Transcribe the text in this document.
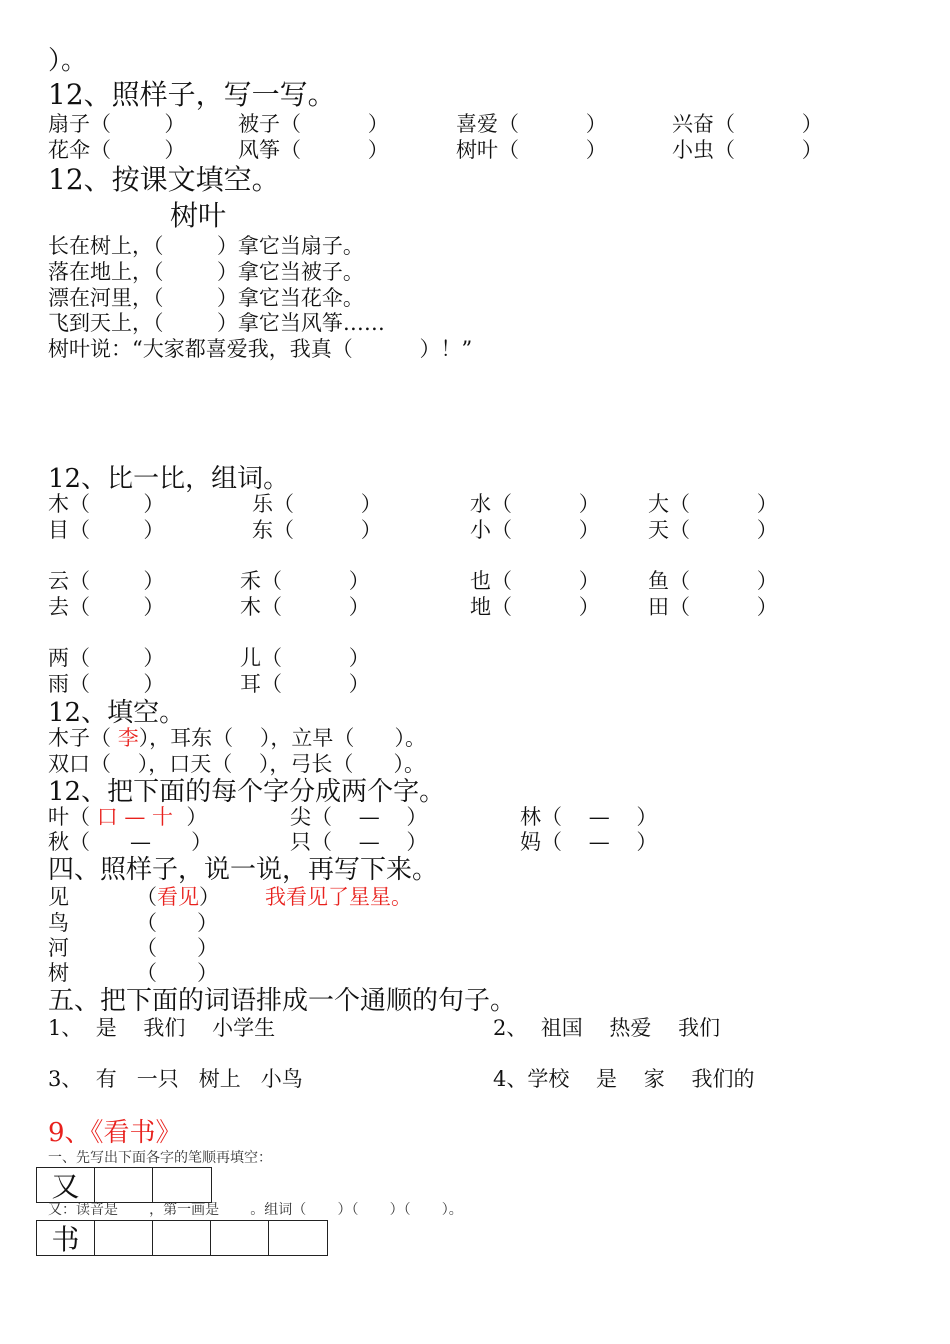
）。
12、照样子，写一写。
扇子（        ）	被子（          ）	喜爱（          ）	兴奋（          ）
花伞（        ）	风筝（          ）	树叶（          ）	小虫（          ）
12、按课文填空。
树叶
长在树上，（        ）拿它当扇子。
落在地上，（        ）拿它当被子。
漂在河里，（        ）拿它当花伞。
飞到天上，（        ）拿它当风筝……
树叶说：“大家都喜爱我，我真（          ）！”
12、比一比，组词。
木（        ）	乐（          ）	水（          ） 大（          ）
目（        ）	东（          ）	小（          ） 天（          ）
云（        ）	禾（          ）	也（          ） 鱼（          ）
去（        ）	木（          ）	地（          ） 田（          ）
两（        ）	儿（          ）
雨（        ）	耳（          ）
12、填空。
木子（ 李），耳东（    ），立早（      ）。
双口（    ），口天（    ），弓长（      ）。
12、把下面的每个字分成两个字。
叶（ 口 — 十  ）	尖（    —    ）	林（    —    ）
秋（      —      ）	只（    —    ）	妈（    —    ）
四、照样子，说一说，再写下来。
见	（看见） 我看见了星星。
鸟	（      ）
河	（      ）
树	（      ）
五、把下面的词语排成一个通顺的句子。
1、  是    我们    小学生	2、  祖国    热爱    我们
3、  有   一只   树上   小鸟	4、学校    是    家    我们的
9、《看书》
一、先写出下面各字的笔顺再填空：
又
又：读音是       ，第一画是       。组词（       ）（       ）（       ）。
书
